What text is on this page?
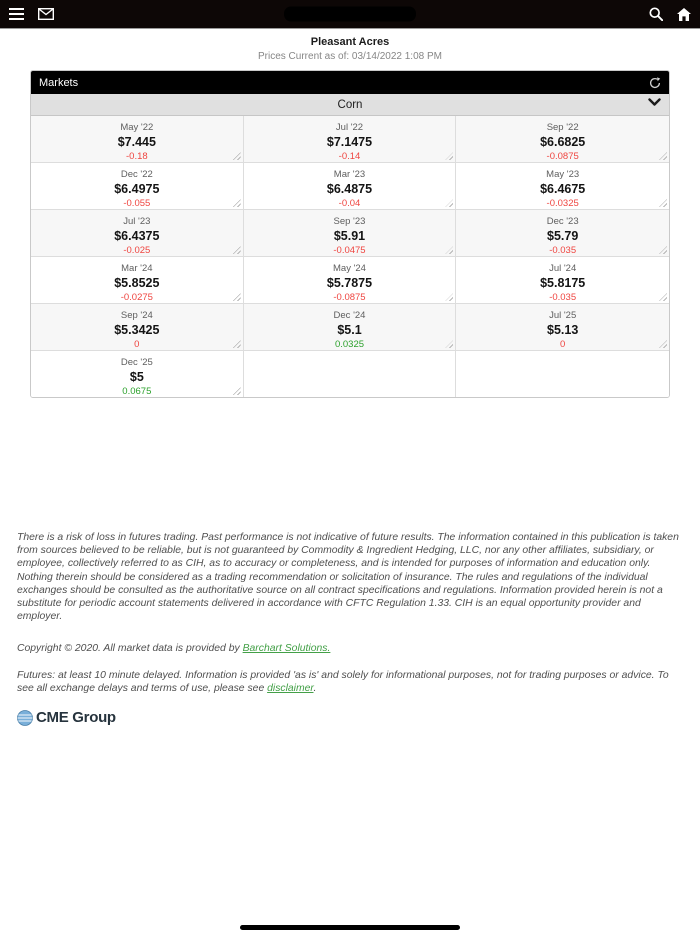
Pleasant Acres
Prices Current as of: 03/14/2022 1:08 PM
Markets
Corn
May '22
$7.445
-0.18
Jul '22
$7.1475
-0.14
Sep '22
$6.6825
-0.0875
Dec '22
$6.4975
-0.055
Mar '23
$6.4875
-0.04
May '23
$6.4675
-0.0325
Jul '23
$6.4375
-0.025
Sep '23
$5.91
-0.0475
Dec '23
$5.79
-0.035
Mar '24
$5.8525
-0.0275
May '24
$5.7875
-0.0875
Jul '24
$5.8175
-0.035
Sep '24
$5.3425
0
Dec '24
$5.1
0.0325
Jul '25
$5.13
0
Dec '25
$5
0.0675

There is a risk of loss in futures trading. Past performance is not indicative of future results. The information contained in this publication is taken from sources believed to be reliable, but is not guaranteed by Commodity & Ingredient Hedging, LLC, nor any other affiliates, subsidiary, or employee, collectively referred to as CIH, as to accuracy or completeness, and is intended for purposes of information and education only. Nothing therein should be considered as a trading recommendation or solicitation of insurance. The rules and regulations of the individual exchanges should be consulted as the authoritative source on all contract specifications and regulations. Information provided herein is not a substitute for periodic account statements delivered in accordance with CFTC Regulation 1.33. CIH is an equal opportunity provider and employer.

Copyright © 2020. All market data is provided by Barchart Solutions.

Futures: at least 10 minute delayed. Information is provided 'as is' and solely for informational purposes, not for trading purposes or advice. To see all exchange delays and terms of use, please see disclaimer.

CME Group
